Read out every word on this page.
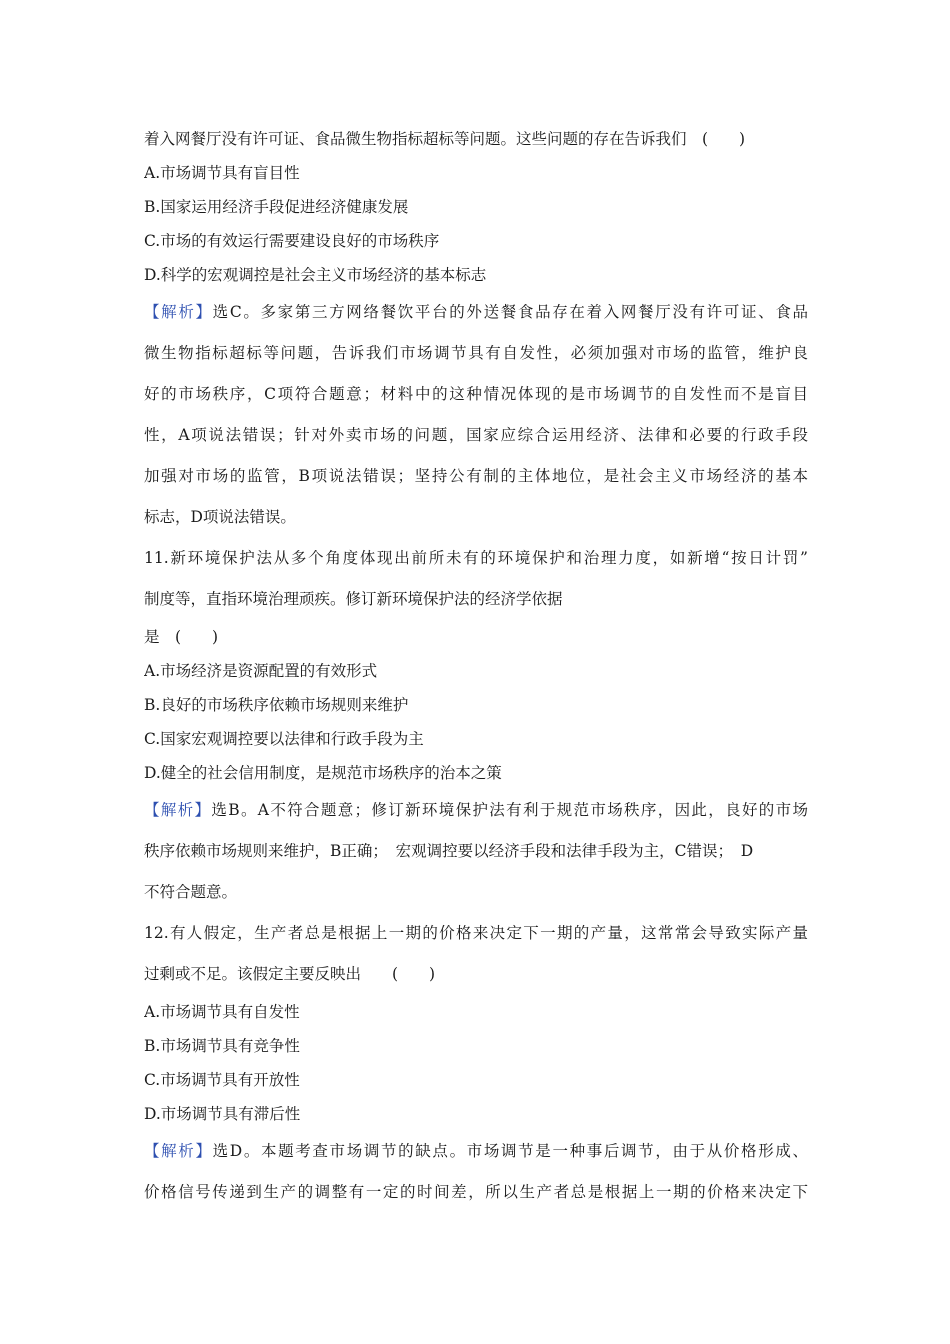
着入网餐厅没有许可证、食品微生物指标超标等问题。这些问题的存在告诉我们　(　　)
A.市场调节具有盲目性
B.国家运用经济手段促进经济健康发展
C.市场的有效运行需要建设良好的市场秩序
D.科学的宏观调控是社会主义市场经济的基本标志
【解析】选C。多家第三方网络餐饮平台的外送餐食品存在着入网餐厅没有许可证、食品
微生物指标超标等问题，告诉我们市场调节具有自发性，必须加强对市场的监管，维护良
好的市场秩序，C项符合题意；材料中的这种情况体现的是市场调节的自发性而不是盲目
性，A项说法错误；针对外卖市场的问题，国家应综合运用经济、法律和必要的行政手段
加强对市场的监管，B项说法错误；坚持公有制的主体地位，是社会主义市场经济的基本
标志，D项说法错误。
11.新环境保护法从多个角度体现出前所未有的环境保护和治理力度，如新增“按日计罚”
制度等，直指环境治理顽疾。修订新环境保护法的经济学依据
是　(　　)
A.市场经济是资源配置的有效形式
B.良好的市场秩序依赖市场规则来维护
C.国家宏观调控要以法律和行政手段为主
D.健全的社会信用制度，是规范市场秩序的治本之策
【解析】选B。A不符合题意；修订新环境保护法有利于规范市场秩序，因此，良好的市场
秩序依赖市场规则来维护，B正确；　宏观调控要以经济手段和法律手段为主，C错误；　D
不符合题意。
12.有人假定，生产者总是根据上一期的价格来决定下一期的产量，这常常会导致实际产量
过剩或不足。该假定主要反映出　　(　　)
A.市场调节具有自发性
B.市场调节具有竞争性
C.市场调节具有开放性
D.市场调节具有滞后性
【解析】选D。本题考查市场调节的缺点。市场调节是一种事后调节，由于从价格形成、
价格信号传递到生产的调整有一定的时间差，所以生产者总是根据上一期的价格来决定下
